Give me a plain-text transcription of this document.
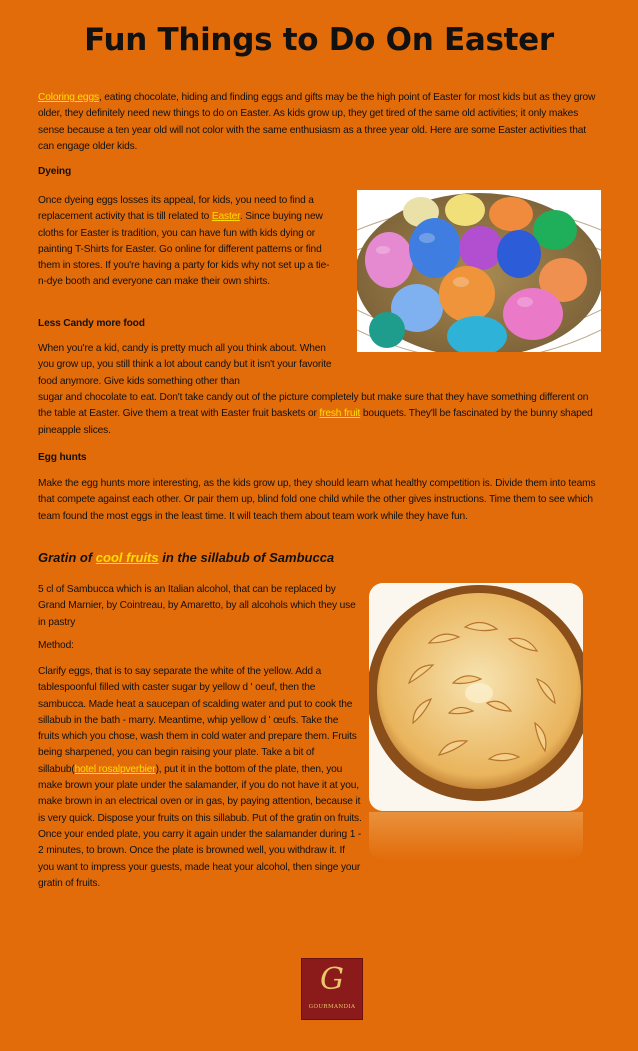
Fun Things to Do On Easter

Coloring eggs, eating chocolate, hiding and finding eggs and gifts may be the high point of Easter for most kids but as they grow older, they definitely need new things to do on Easter. As kids grow up, they get tired of the same old activities; it only makes sense because a ten year old will not color with the same enthusiasm as a three year old. Here are some Easter activities that can engage older kids.

Dyeing

Once dyeing eggs losses its appeal, for kids, you need to find a replacement activity that is till related to Easter. Since buying new cloths for Easter is tradition, you can have fun with kids dying or painting T-Shirts for Easter. Go online for different patterns or find them in stores. If you're having a party for kids why not set up a tie-n-dye booth and everyone can make their own shirts.

Less Candy more food

When you're a kid, candy is pretty much all you think about. When you grow up, you still think a lot about candy but it isn't your favorite food anymore. Give kids something other than

sugar and chocolate to eat. Don't take candy out of the picture completely but make sure that they have something different on the table at Easter. Give them a treat with Easter fruit baskets or fresh fruit bouquets. They'll be fascinated by the bunny shaped pineapple slices.

Egg hunts

Make the egg hunts more interesting, as the kids grow up, they should learn what healthy competition is. Divide them into teams that compete against each other. Or pair them up, blind fold one child while the other gives instructions. Time them to see which team found the most eggs in the least time. It will teach them about team work while they have fun.

Gratin of cool fruits in the sillabub of Sambucca

5 cl of Sambucca which is an Italian alcohol, that can be replaced by Grand Marnier, by Cointreau, by Amaretto, by all alcohols which they use in pastry

Method:

Clarify eggs, that is to say separate the white of the yellow. Add a tablespoonful filled with caster sugar by yellow d ' oeuf, then the sambucca. Made heat a saucepan of scalding water and put to cook the sillabub in the bath - marry. Meantime, whip yellow d ' œufs. Take the fruits which you chose, wash them in cold water and prepare them. Fruits being sharpened, you can begin raising your plate. Take a bit of sillabub(hotel rosalpverbier), put it in the bottom of the plate, then, you make brown your plate under the salamander, if you do not have it at you, make brown in an electrical oven or in gas, by paying attention, because it is very quick. Dispose your fruits on this sillabub. Put of the gratin on fruits. Once your ended plate, you carry it again under the salamander during 1 - 2 minutes, to brown. Once the plate is browned well, you withdraw it. If you want to impress your guests, made heat your alcohol, then singe your gratin of fruits.

G
GOURMANDIA
